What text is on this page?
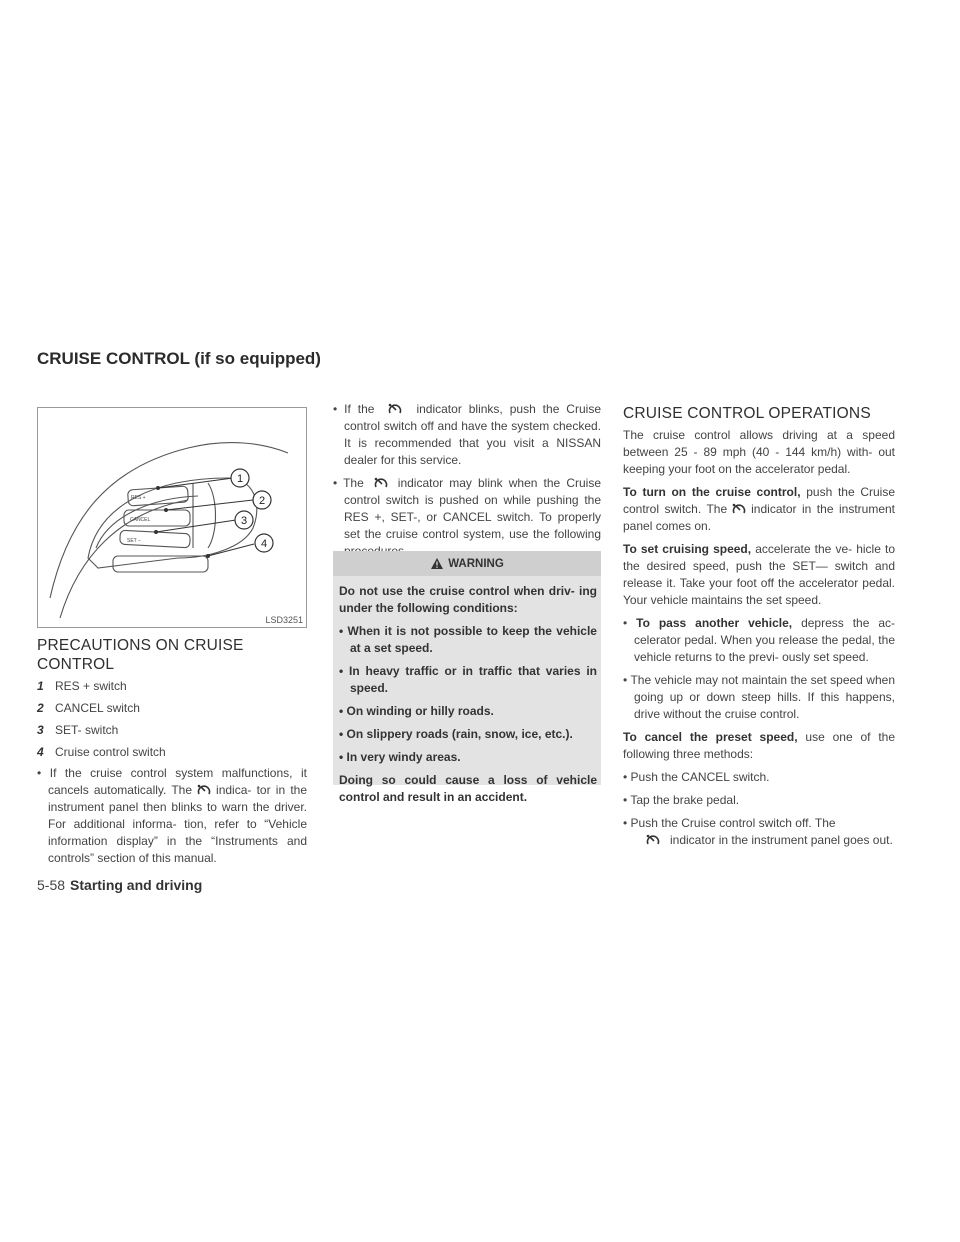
CRUISE CONTROL (if so equipped)
RES +
CANCEL
SET −
1
2
3
4
LSD3251
PRECAUTIONS ON CRUISE CONTROL
1 RES + switch
2 CANCEL switch
3 SET- switch
4 Cruise control switch
• If the cruise control system malfunctions, it cancels automatically. The indica- tor in the instrument panel then blinks to warn the driver. For additional informa- tion, refer to “Vehicle information display” in the “Instruments and controls” section of this manual.
• If the	indicator blinks, push the Cruise control switch off and have the system checked. It is recommended that you visit a NISSAN dealer for this service.
• The	indicator may blink when the Cruise control switch is pushed on while pushing the RES +, SET-, or CANCEL switch. To properly set the cruise control system, use the following
WARNING
Do not use the cruise control when driv- ing under the following conditions:
• When it is not possible to keep the vehicle at a set speed.
• In heavy traffic or in traffic that varies in speed.
• On winding or hilly roads.
• On slippery roads (rain, snow, ice, etc.).
• In very windy areas.
Doing so could cause a loss of vehicle control and result in an accident.
CRUISE CONTROL OPERATIONS
The cruise control allows driving at a speed between 25 - 89 mph (40 - 144 km/h) with- out keeping your foot on the accelerator pedal.
To turn on the cruise control, push the Cruise control switch. The indicator in the instrument panel comes on.
To set cruising speed, accelerate the ve- hicle to the desired speed, push the SET— switch and release it. Take your foot off the accelerator pedal. Your vehicle maintains the set speed.
• To pass another vehicle, depress the ac- celerator pedal. When you release the pedal, the vehicle returns to the previ- ously set speed.
• The vehicle may not maintain the set speed when going up or down steep hills. If this happens, drive without the cruise control.
To cancel the preset speed, use one of the following three methods:
• Push the CANCEL switch.
• Tap the brake pedal.
• Push the Cruise control switch off. The
indicator in the instrument panel goes out.
5-58 Starting and driving
